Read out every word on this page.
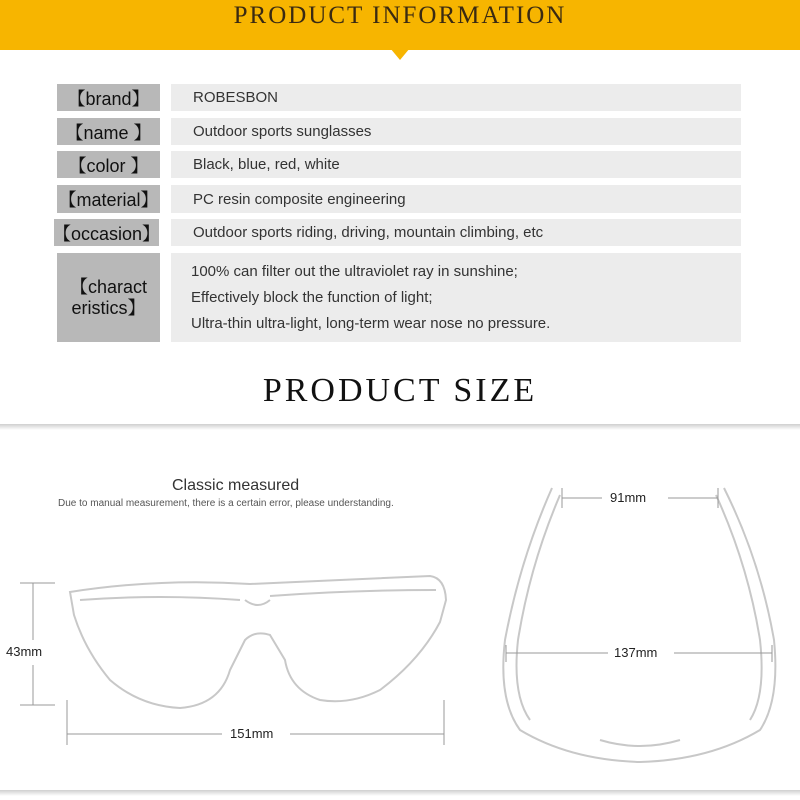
PRODUCT INFORMATION
【brand】	ROBESBON
【name 】	Outdoor sports sunglasses
【color 】	Black, blue, red, white
【material】 PC resin composite engineering
【occasion】 Outdoor sports riding, driving, mountain climbing, etc
【charact eristics】
100% can filter out the ultraviolet ray in sunshine;
Effectively block the function of light;
Ultra-thin ultra-light, long-term wear nose no pressure.
PRODUCT SIZE
Classic measured
Due to manual measurement, there is a certain error, please understanding.
43mm
151mm
91mm
137mm
